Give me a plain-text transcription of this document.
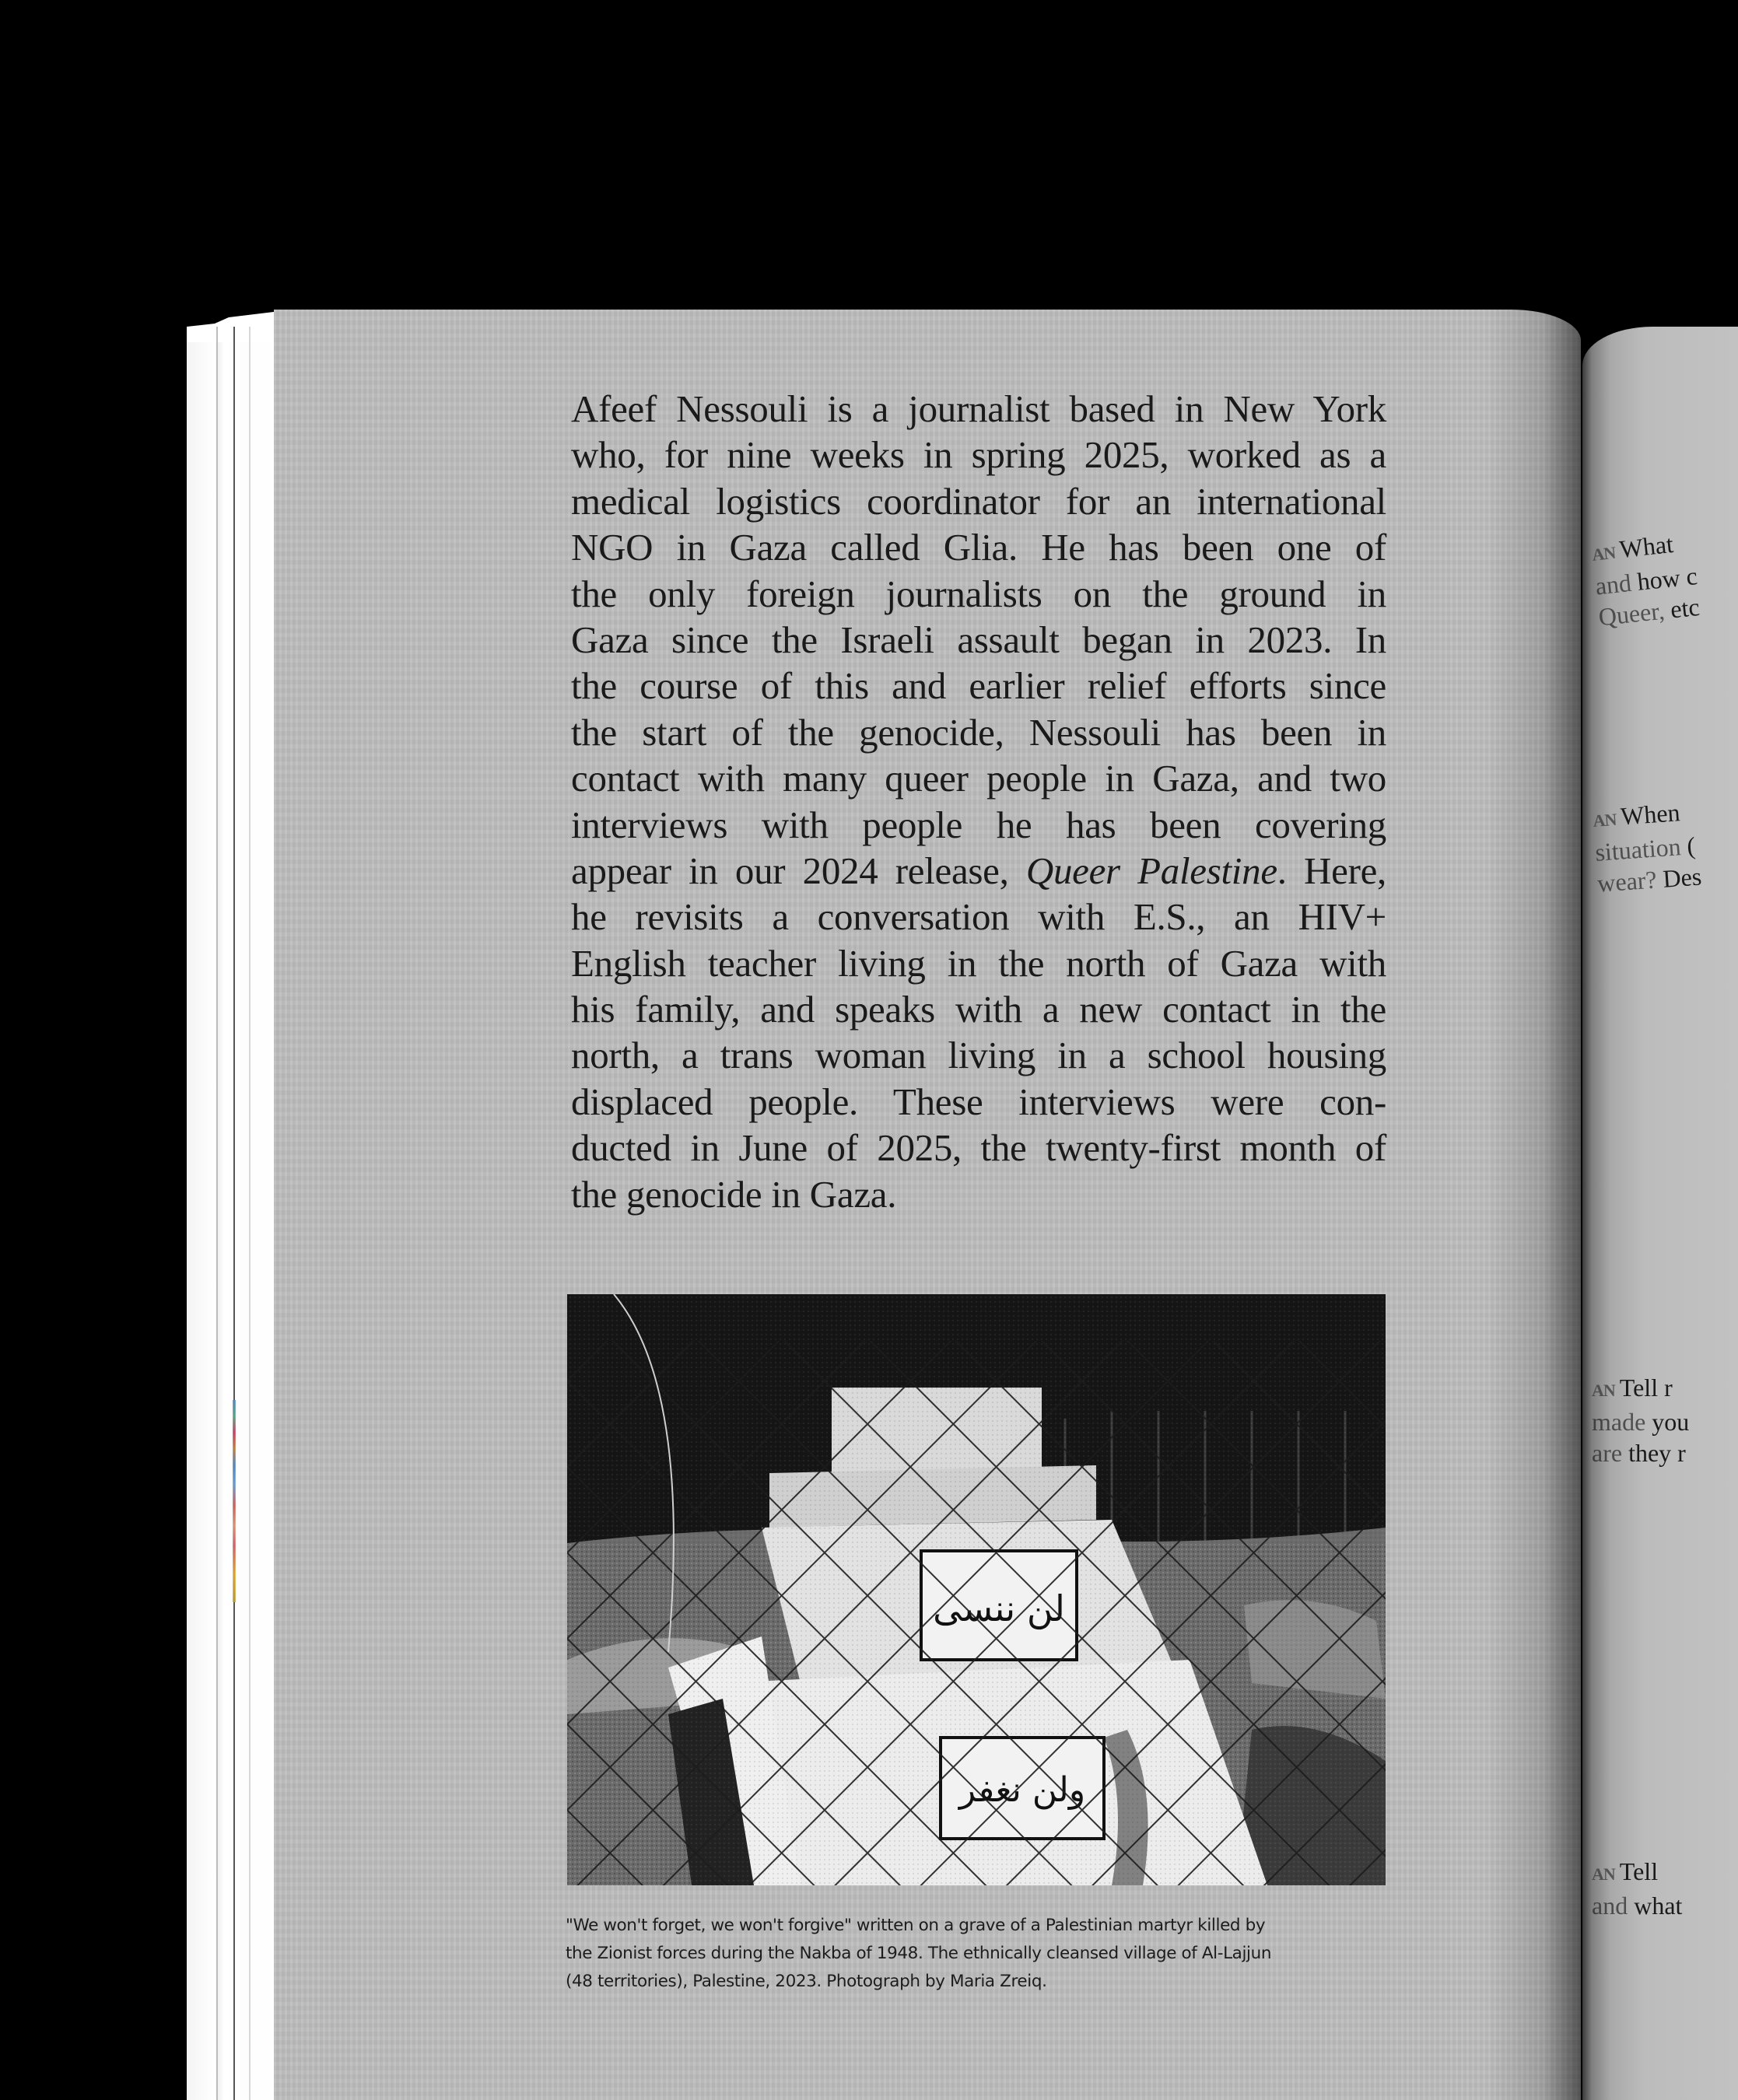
Afeef Nessouli is a journalist based in New York
who, for nine weeks in spring 2025, worked as a
medical logistics coordinator for an international
NGO in Gaza called Glia. He has been one of
the only foreign journalists on the ground in
Gaza since the Israeli assault began in 2023. In
the course of this and earlier relief efforts since
the start of the genocide, Nessouli has been in
contact with many queer people in Gaza, and two
interviews with people he has been covering
appear in our 2024 release, Queer Palestine. Here,
he revisits a conversation with E.S., an HIV+
English teacher living in the north of Gaza with
his family, and speaks with a new contact in the
north, a trans woman living in a school housing
displaced people. These interviews were con-
ducted in June of 2025, the twenty-first month of
the genocide in Gaza.
"We won't forget, we won't forgive" written on a grave of a Palestinian martyr killed by
the Zionist forces during the Nakba of 1948. The ethnically cleansed village of Al-Lajjun
(48 territories), Palestine, 2023. Photograph by Maria Zreiq.
ANWhat
and how c
Queer, etc
AN When
situation (
wear? Des
AN Tell r
made you
are they r
AN Tell
and what
